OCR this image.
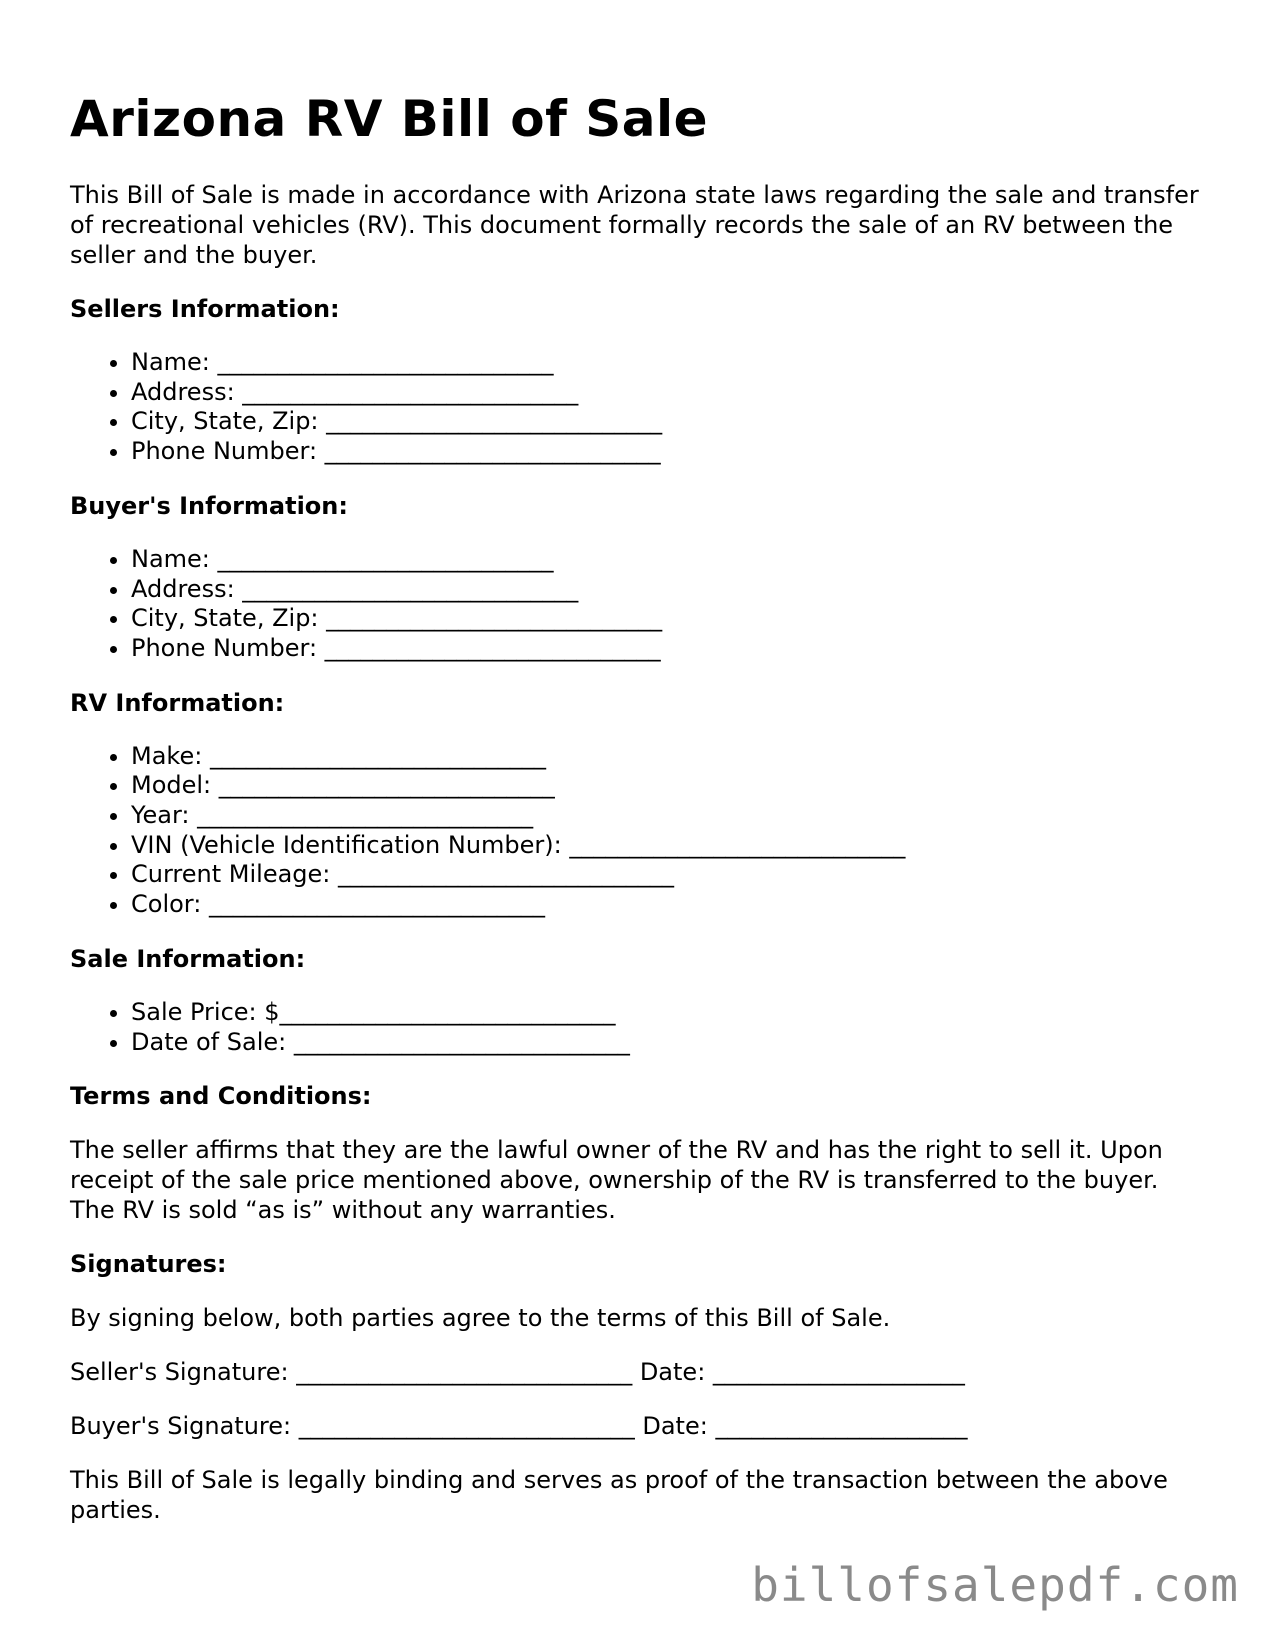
Arizona RV Bill of Sale

This Bill of Sale is made in accordance with Arizona state laws regarding the sale and transfer of recreational vehicles (RV). This document formally records the sale of an RV between the seller and the buyer.

Sellers Information:
• Name: ____________________________
• Address: ____________________________
• City, State, Zip: ____________________________
• Phone Number: ____________________________
Buyer's Information:
• Name: ____________________________
• Address: ____________________________
• City, State, Zip: ____________________________
• Phone Number: ____________________________
RV Information:
• Make: ____________________________
• Model: ____________________________
• Year: ____________________________
• VIN (Vehicle Identification Number): ____________________________
• Current Mileage: ____________________________
• Color: ____________________________
Sale Information:
• Sale Price: $____________________________
• Date of Sale: ____________________________
Terms and Conditions:

The seller affirms that they are the lawful owner of the RV and has the right to sell it. Upon receipt of the sale price mentioned above, ownership of the RV is transferred to the buyer. The RV is sold “as is” without any warranties.

Signatures:

By signing below, both parties agree to the terms of this Bill of Sale.

Seller's Signature: ____________________________ Date: _____________________

Buyer's Signature: ____________________________ Date: _____________________

This Bill of Sale is legally binding and serves as proof of the transaction between the above parties.

billofsalepdf.com
